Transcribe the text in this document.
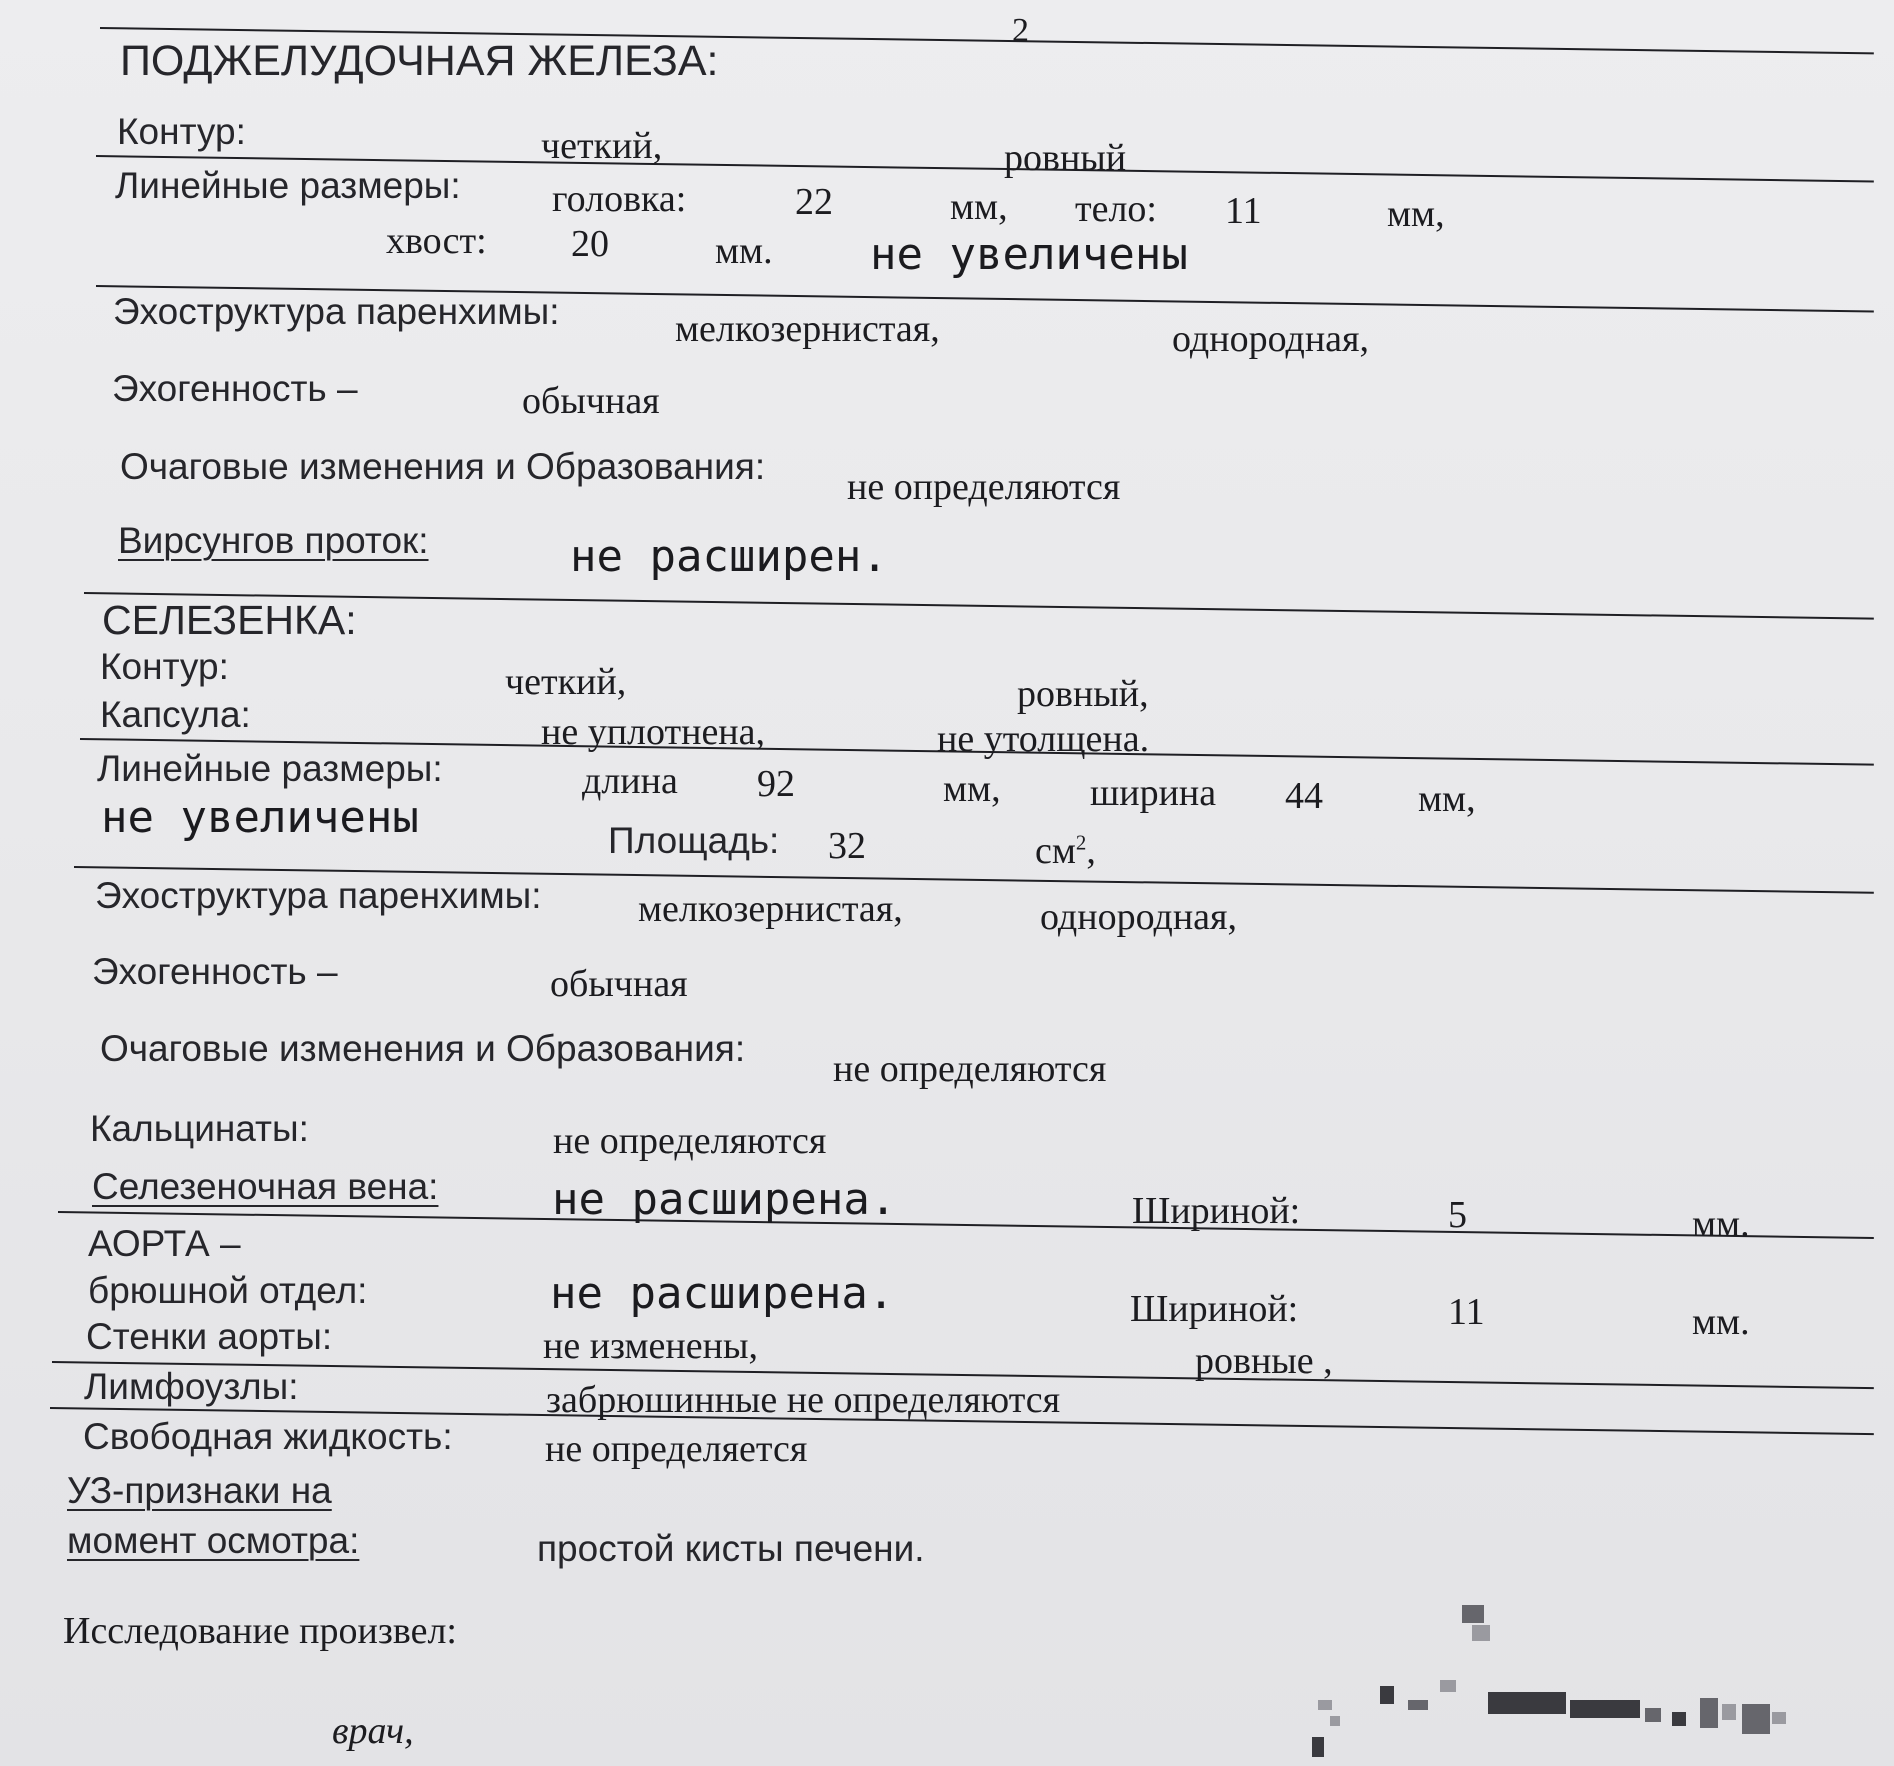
2
ПОДЖЕЛУДОЧНАЯ ЖЕЛЕЗА:
Контур:	четкий,	ровный
Линейные размеры: головка:	22	мм, тело: 11	мм,
хвост: 20	мм. не увеличены
Эхоструктура паренхимы:	мелкозернистая,	однородная,
Эхогенность –	обычная
Очаговые изменения и Образования: не определяются
Вирсунгов проток:	не расширен.
СЕЛЕЗЕНКА:
Контур:	четкий,	ровный,
Капсула:	не уплотнена,	не утолщена.
Линейные размеры:	длина 92	мм, ширина 44	мм,
не увеличены	Площадь: 32	$см^2$,
Эхоструктура паренхимы:	мелкозернистая,	однородная,
Эхогенность –	обычная
Очаговые изменения и Образования: не определяются
Кальцинаты:	не определяются
Селезеночная вена:	не расширена.	Шириной:	5	мм.
АОРТА –
брюшной отдел:	не расширена.	Шириной:	11	мм.
Стенки аорты:	не изменены,	ровные ,
Лимфоузлы:	забрюшинные не определяются
Свободная жидкость: не определяется
УЗ-признаки на
момент осмотра:	простой кисты печени.
Исследование произвел:
врач,
